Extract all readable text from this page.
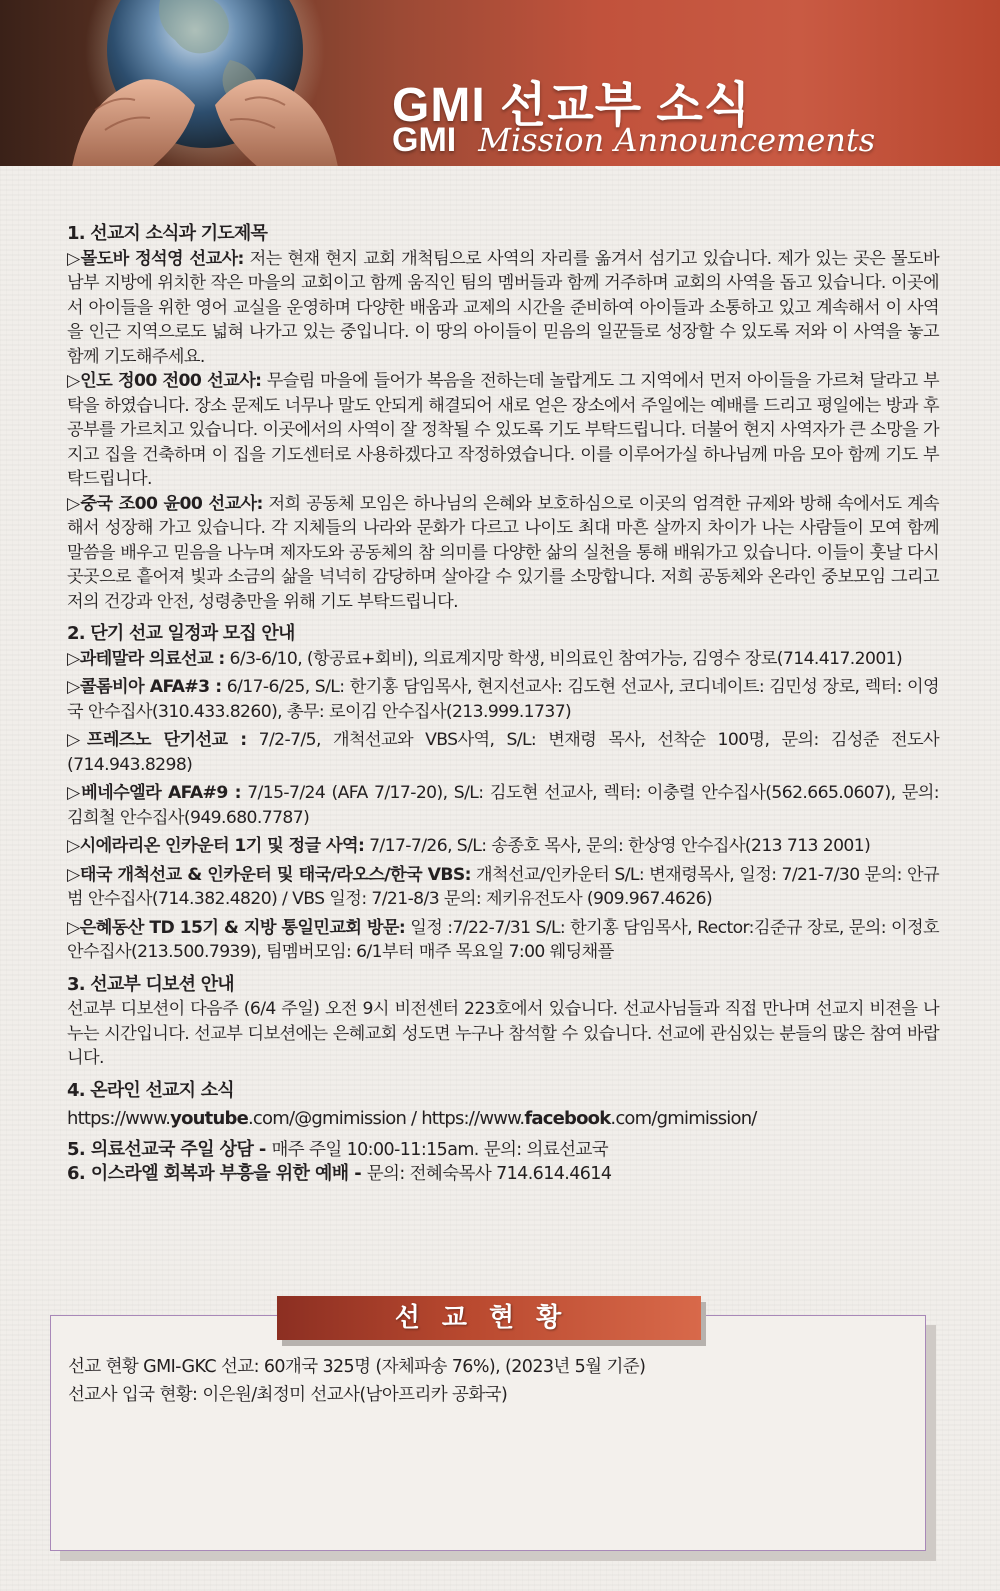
GMI 선교부 소식
GMI Mission Announcements

1. 선교지 소식과 기도제목

▷몰도바 정석영 선교사: 저는 현재 현지 교회 개척팀으로 사역의 자리를 옮겨서 섬기고 있습니다. 제가 있는 곳은 몰도바 남부 지방에 위치한 작은 마을의 교회이고 함께 움직인 팀의 멤버들과 함께 거주하며 교회의 사역을 돕고 있습니다. 이곳에서 아이들을 위한 영어 교실을 운영하며 다양한 배움과 교제의 시간을 준비하여 아이들과 소통하고 있고 계속해서 이 사역을 인근 지역으로도 넓혀 나가고 있는 중입니다. 이 땅의 아이들이 믿음의 일꾼들로 성장할 수 있도록 저와 이 사역을 놓고 함께 기도해주세요.

▷인도 정00 전00 선교사: 무슬림 마을에 들어가 복음을 전하는데 놀랍게도 그 지역에서 먼저 아이들을 가르쳐 달라고 부탁을 하였습니다. 장소 문제도 너무나 말도 안되게 해결되어 새로 얻은 장소에서 주일에는 예배를 드리고 평일에는 방과 후 공부를 가르치고 있습니다. 이곳에서의 사역이 잘 정착될 수 있도록 기도 부탁드립니다. 더불어 현지 사역자가 큰 소망을 가지고 집을 건축하며 이 집을 기도센터로 사용하겠다고 작정하였습니다. 이를 이루어가실 하나님께 마음 모아 함께 기도 부탁드립니다.

▷중국 조00 윤00 선교사: 저희 공동체 모임은 하나님의 은혜와 보호하심으로 이곳의 엄격한 규제와 방해 속에서도 계속해서 성장해 가고 있습니다. 각 지체들의 나라와 문화가 다르고 나이도 최대 마흔 살까지 차이가 나는 사람들이 모여 함께 말씀을 배우고 믿음을 나누며 제자도와 공동체의 참 의미를 다양한 삶의 실천을 통해 배워가고 있습니다. 이들이 훗날 다시 곳곳으로 흩어져 빛과 소금의 삶을 넉넉히 감당하며 살아갈 수 있기를 소망합니다. 저희 공동체와 온라인 중보모임 그리고 저의 건강과 안전, 성령충만을 위해 기도 부탁드립니다.

2. 단기 선교 일정과 모집 안내

▷과테말라 의료선교 : 6/3-6/10, (항공료+회비), 의료계지망 학생, 비의료인 참여가능, 김영수 장로(714.417.2001)

▷콜롬비아 AFA#3 : 6/17-6/25, S/L: 한기홍 담임목사, 현지선교사: 김도현 선교사, 코디네이트: 김민성 장로, 렉터: 이영국 안수집사(310.433.8260), 총무: 로이김 안수집사(213.999.1737)

▷프레즈노 단기선교 : 7/2-7/5, 개척선교와 VBS사역, S/L: 변재령 목사, 선착순 100명, 문의: 김성준 전도사(714.943.8298)

▷베네수엘라 AFA#9 : 7/15-7/24 (AFA 7/17-20), S/L: 김도현 선교사, 렉터: 이충렬 안수집사(562.665.0607), 문의: 김희철 안수집사(949.680.7787)

▷시에라리온 인카운터 1기 및 정글 사역: 7/17-7/26, S/L: 송종호 목사, 문의: 한상영 안수집사(213 713 2001)

▷태국 개척선교 & 인카운터 및 태국/라오스/한국 VBS: 개척선교/인카운터 S/L: 변재령목사, 일정: 7/21-7/30 문의: 안규범 안수집사(714.382.4820) / VBS 일정: 7/21-8/3 문의: 제키유전도사 (909.967.4626)

▷은혜동산 TD 15기 & 지방 통일민교회 방문: 일정 :7/22-7/31 S/L: 한기홍 담임목사, Rector:김준규 장로, 문의: 이정호 안수집사(213.500.7939), 팀멤버모임: 6/1부터 매주 목요일 7:00 웨딩채플

3. 선교부 디보션 안내

선교부 디보션이 다음주 (6/4 주일) 오전 9시 비전센터 223호에서 있습니다. 선교사님들과 직접 만나며 선교지 비젼을 나누는 시간입니다. 선교부 디보션에는 은혜교회 성도면 누구나 참석할 수 있습니다. 선교에 관심있는 분들의 많은 참여 바랍니다.

4. 온라인 선교지 소식

https://www.youtube.com/@gmimission / https://www.facebook.com/gmimission/

5. 의료선교국 주일 상담 - 매주 주일 10:00-11:15am. 문의: 의료선교국

6. 이스라엘 회복과 부흥을 위한 예배 - 문의: 전혜숙목사 714.614.4614

선교현황

선교 현황 GMI-GKC 선교: 60개국 325명 (자체파송 76%), (2023년 5월 기준)

선교사 입국 현황: 이은원/최정미 선교사(남아프리카 공화국)
